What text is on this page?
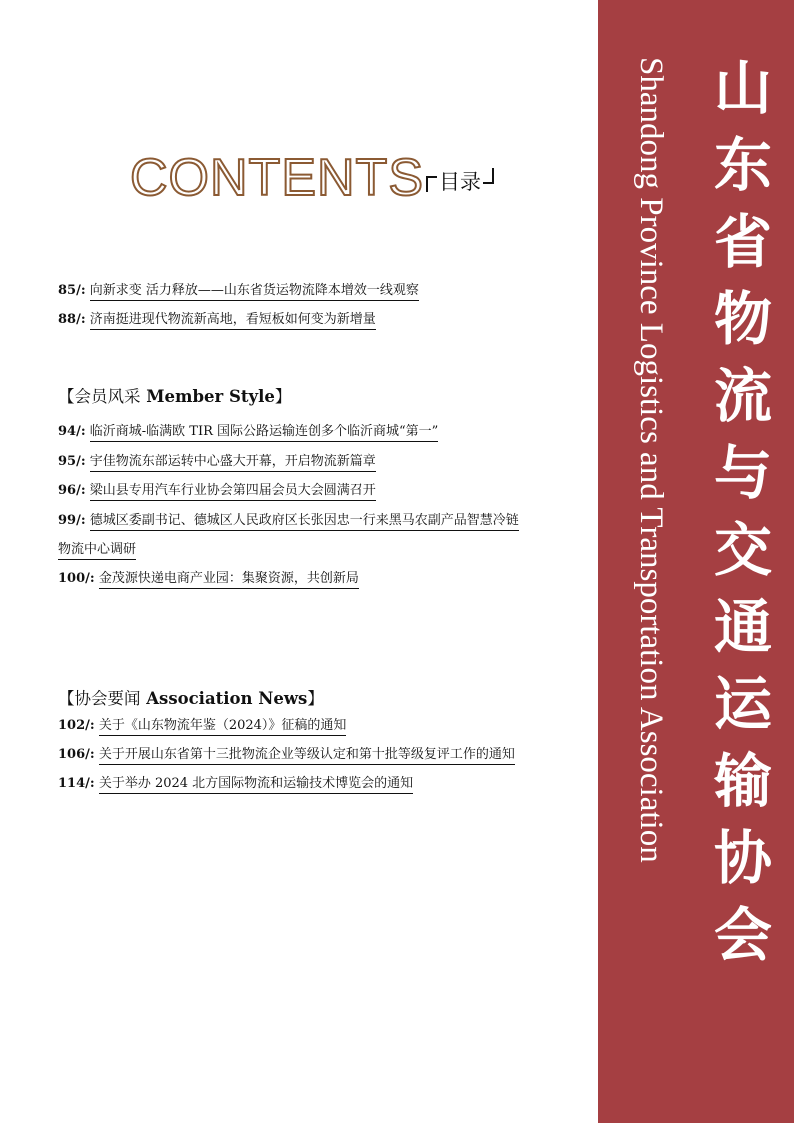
CONTENTS 目录
85/: 向新求变 活力释放——山东省货运物流降本增效一线观察
88/: 济南挺进现代物流新高地，看短板如何变为新增量
【会员风采 Member Style】
94/: 临沂商城-临满欧 TIR 国际公路运输连创多个临沂商城“第一”
95/: 宇佳物流东部运转中心盛大开幕，开启物流新篇章
96/: 梁山县专用汽车行业协会第四届会员大会圆满召开
99/: 德城区委副书记、德城区人民政府区长张因忠一行来黑马农副产品智慧冷链
物流中心调研
100/: 金茂源快递电商产业园：集聚资源，共创新局
【协会要闻 Association News】
102/: 关于《山东物流年鉴（2024）》征稿的通知
106/: 关于开展山东省第十三批物流企业等级认定和第十批等级复评工作的通知
114/: 关于举办 2024 北方国际物流和运输技术博览会的通知
山
东
省
物
流
与
交
通
运
输
协
会
Shandong Province Logistics and Transportation Association
